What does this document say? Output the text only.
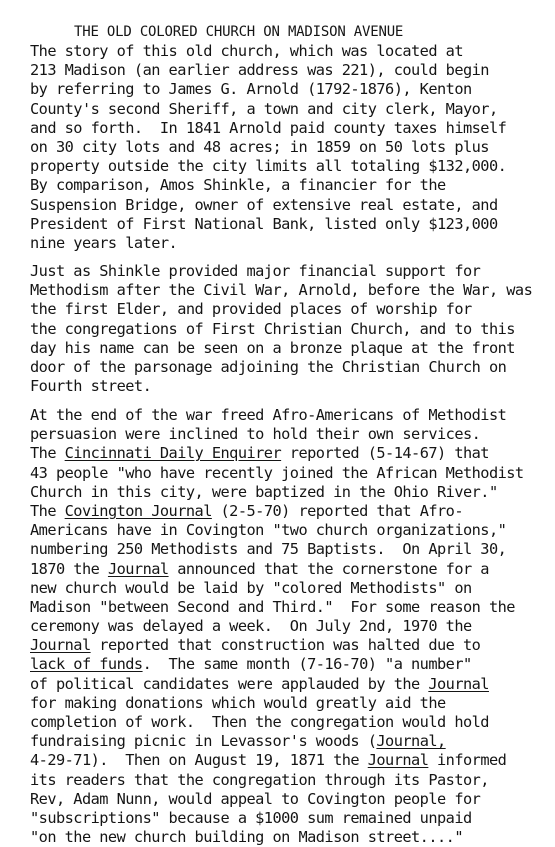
THE OLD COLORED CHURCH ON MADISON AVENUE
The story of this old church, which was located at
213 Madison (an earlier address was 221), could begin
by referring to James G. Arnold (1792-1876), Kenton
County's second Sheriff, a town and city clerk, Mayor,
and so forth.  In 1841 Arnold paid county taxes himself
on 30 city lots and 48 acres; in 1859 on 50 lots plus
property outside the city limits all totaling $132,000.
By comparison, Amos Shinkle, a financier for the
Suspension Bridge, owner of extensive real estate, and
President of First National Bank, listed only $123,000
nine years later.
Just as Shinkle provided major financial support for
Methodism after the Civil War, Arnold, before the War, was
the first Elder, and provided places of worship for
the congregations of First Christian Church, and to this
day his name can be seen on a bronze plaque at the front
door of the parsonage adjoining the Christian Church on
Fourth street.
At the end of the war freed Afro-Americans of Methodist
persuasion were inclined to hold their own services.
The Cincinnati Daily Enquirer reported (5-14-67) that
43 people "who have recently joined the African Methodist
Church in this city, were baptized in the Ohio River."
The Covington Journal (2-5-70) reported that Afro-
Americans have in Covington "two church organizations,"
numbering 250 Methodists and 75 Baptists.  On April 30,
1870 the Journal announced that the cornerstone for a
new church would be laid by "colored Methodists" on
Madison "between Second and Third."  For some reason the
ceremony was delayed a week.  On July 2nd, 1970 the
Journal reported that construction was halted due to
lack of funds.  The same month (7-16-70) "a number"
of political candidates were applauded by the Journal
for making donations which would greatly aid the
completion of work.  Then the congregation would hold
fundraising picnic in Levassor's woods (Journal,
4-29-71).  Then on August 19, 1871 the Journal informed
its readers that the congregation through its Pastor,
Rev, Adam Nunn, would appeal to Covington people for
"subscriptions" because a $1000 sum remained unpaid
"on the new church building on Madison street...."
